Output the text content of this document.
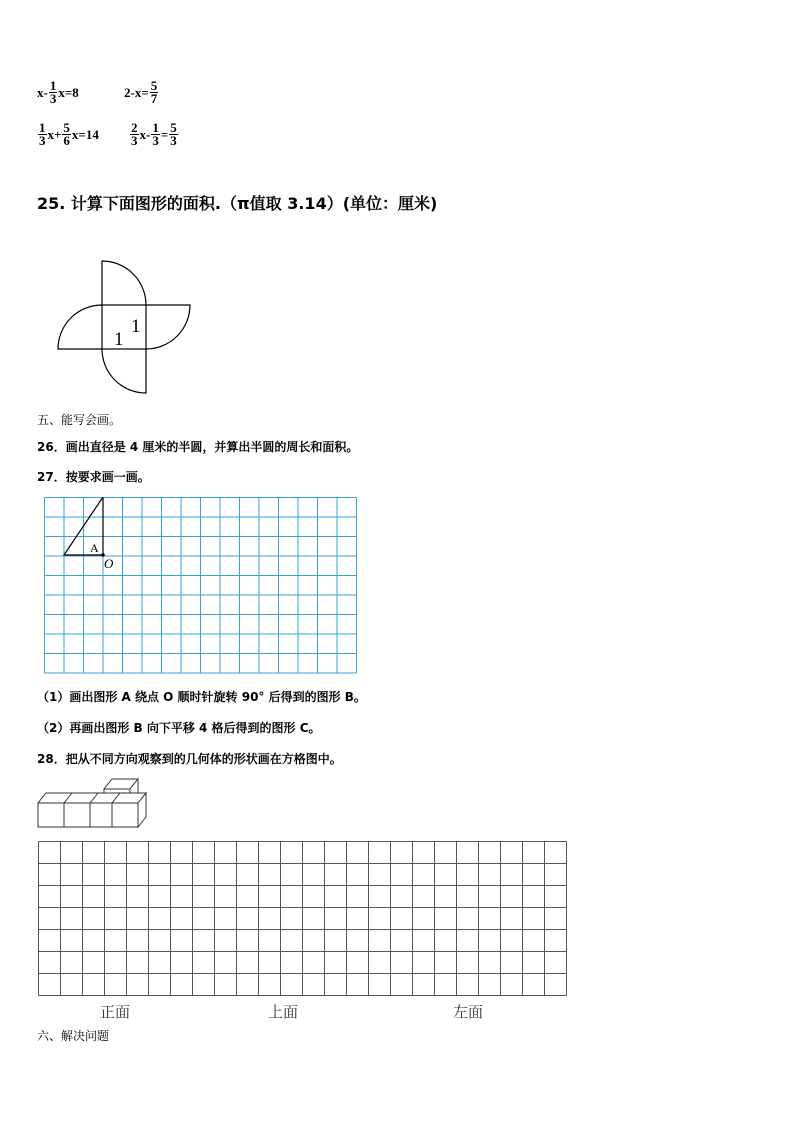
$x- \frac{1}{3} x=8$	$2-x= \frac{5}{7}$
$\frac{1}{3} x+ \frac{5}{6} x=14 \frac{2}{3} x- \frac{1}{3} = \frac{5}{3}$
25. 计算下面图形的面积.（π值取 3.14）(单位：厘米)
1
1
五、能写会画。
26．画出直径是 4 厘米的半圆，并算出半圆的周长和面积。
27．按要求画一画。
A
O
（1）画出图形 A 绕点 O 顺时针旋转 90° 后得到的图形 B。
（2）再画出图形 B 向下平移 4 格后得到的图形 C。
28．把从不同方向观察到的几何体的形状画在方格图中。
正面	上面	左面
六、解决问题
